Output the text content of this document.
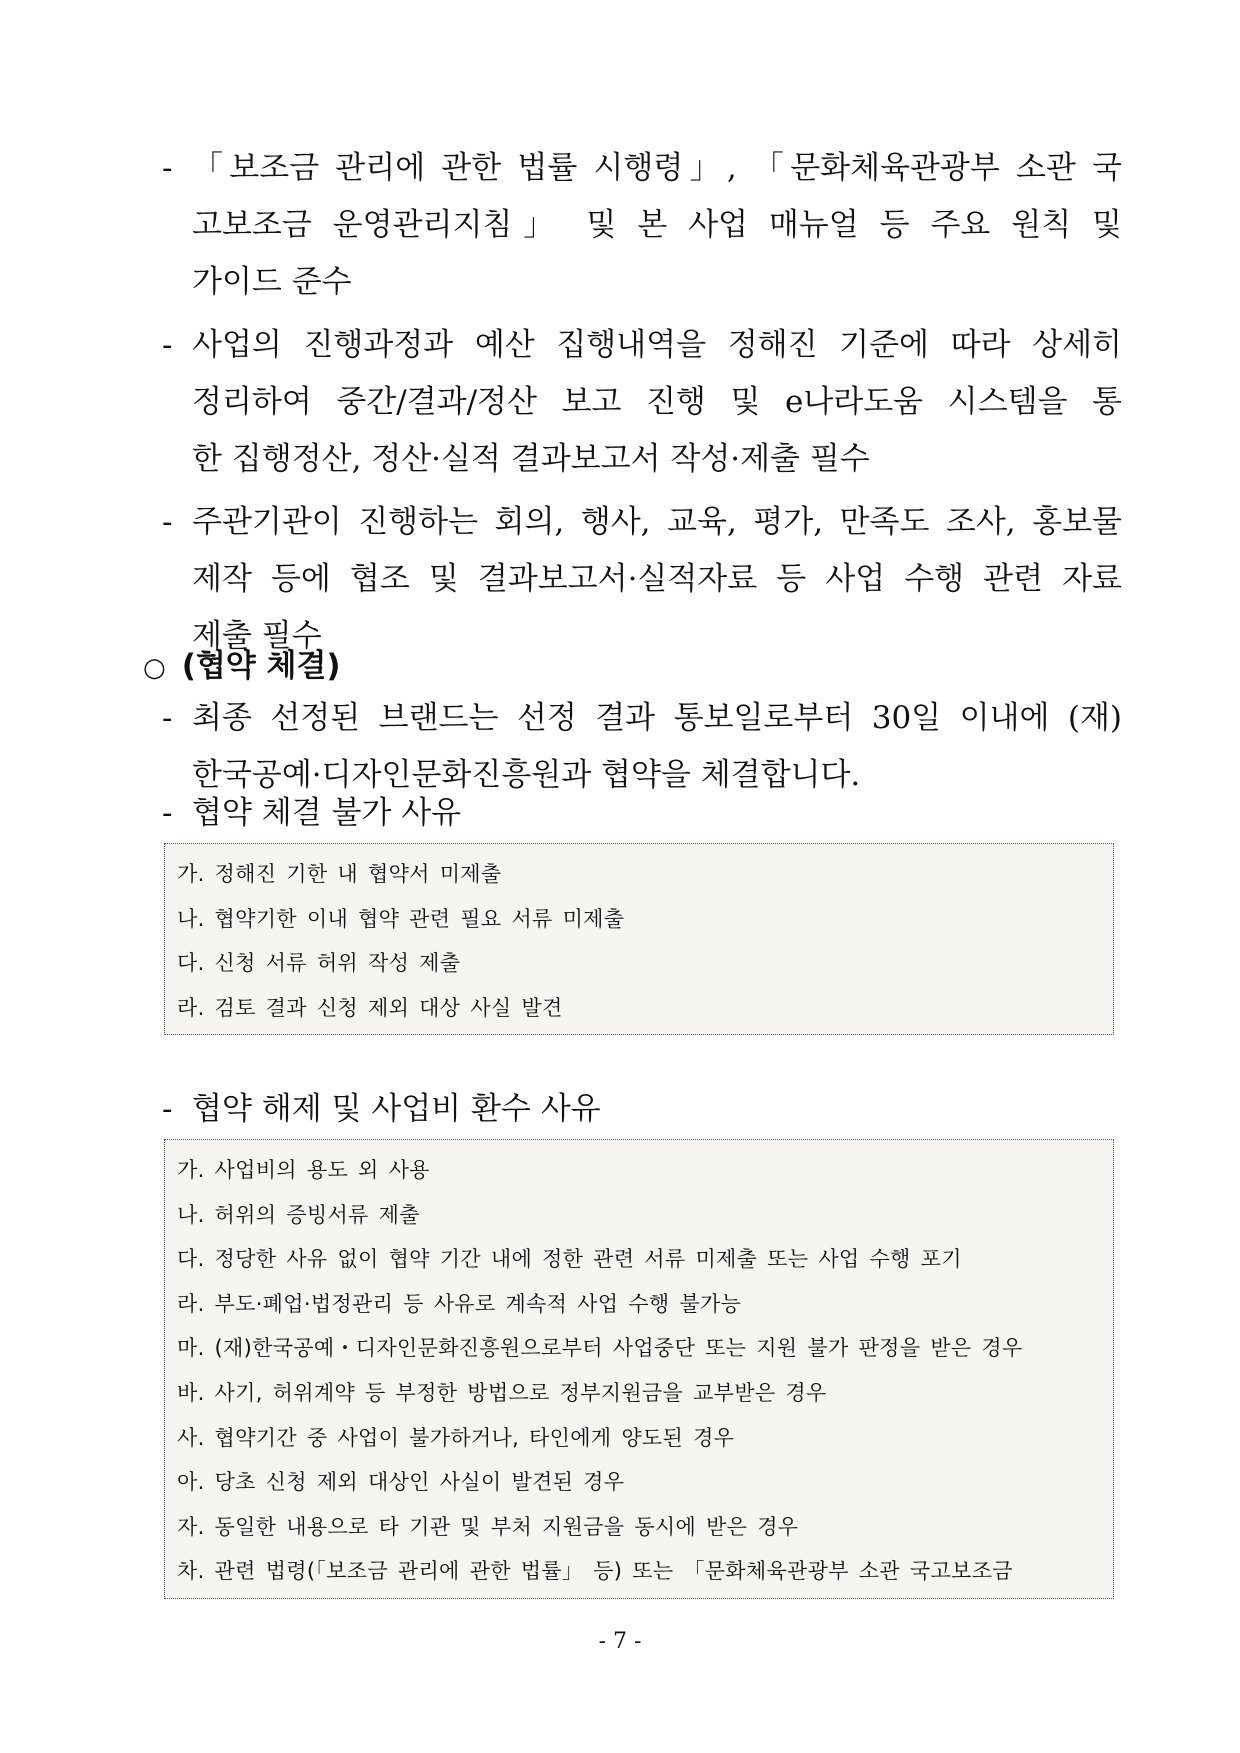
- 「보조금 관리에 관한 법률 시행령」, 「문화체육관광부 소관 국
고보조금 운영관리지침」 및 본 사업 매뉴얼 등 주요 원칙 및
가이드 준수
- 사업의 진행과정과 예산 집행내역을 정해진 기준에 따라 상세히
정리하여 중간/결과/정산 보고 진행 및 e나라도움 시스템을 통
한 집행정산, 정산·실적 결과보고서 작성·제출 필수
- 주관기관이 진행하는 회의, 행사, 교육, 평가, 만족도 조사, 홍보물
제작 등에 협조 및 결과보고서·실적자료 등 사업 수행 관련 자료
제출 필수
○ (협약 체결)
- 최종 선정된 브랜드는 선정 결과 통보일로부터 30일 이내에 (재)
한국공예·디자인문화진흥원과 협약을 체결합니다.
- 협약 체결 불가 사유
가. 정해진 기한 내 협약서 미제출
나. 협약기한 이내 협약 관련 필요 서류 미제출
다. 신청 서류 허위 작성 제출
라. 검토 결과 신청 제외 대상 사실 발견
- 협약 해제 및 사업비 환수 사유
가. 사업비의 용도 외 사용
나. 허위의 증빙서류 제출
다. 정당한 사유 없이 협약 기간 내에 정한 관련 서류 미제출 또는 사업 수행 포기
라. 부도·폐업·법정관리 등 사유로 계속적 사업 수행 불가능
마. (재)한국공예・디자인문화진흥원으로부터 사업중단 또는 지원 불가 판정을 받은 경우
바. 사기, 허위계약 등 부정한 방법으로 정부지원금을 교부받은 경우
사. 협약기간 중 사업이 불가하거나, 타인에게 양도된 경우
아. 당초 신청 제외 대상인 사실이 발견된 경우
자. 동일한 내용으로 타 기관 및 부처 지원금을 동시에 받은 경우
차. 관련 법령(「보조금 관리에 관한 법률」 등) 또는 「문화체육관광부 소관 국고보조금
- 7 -
